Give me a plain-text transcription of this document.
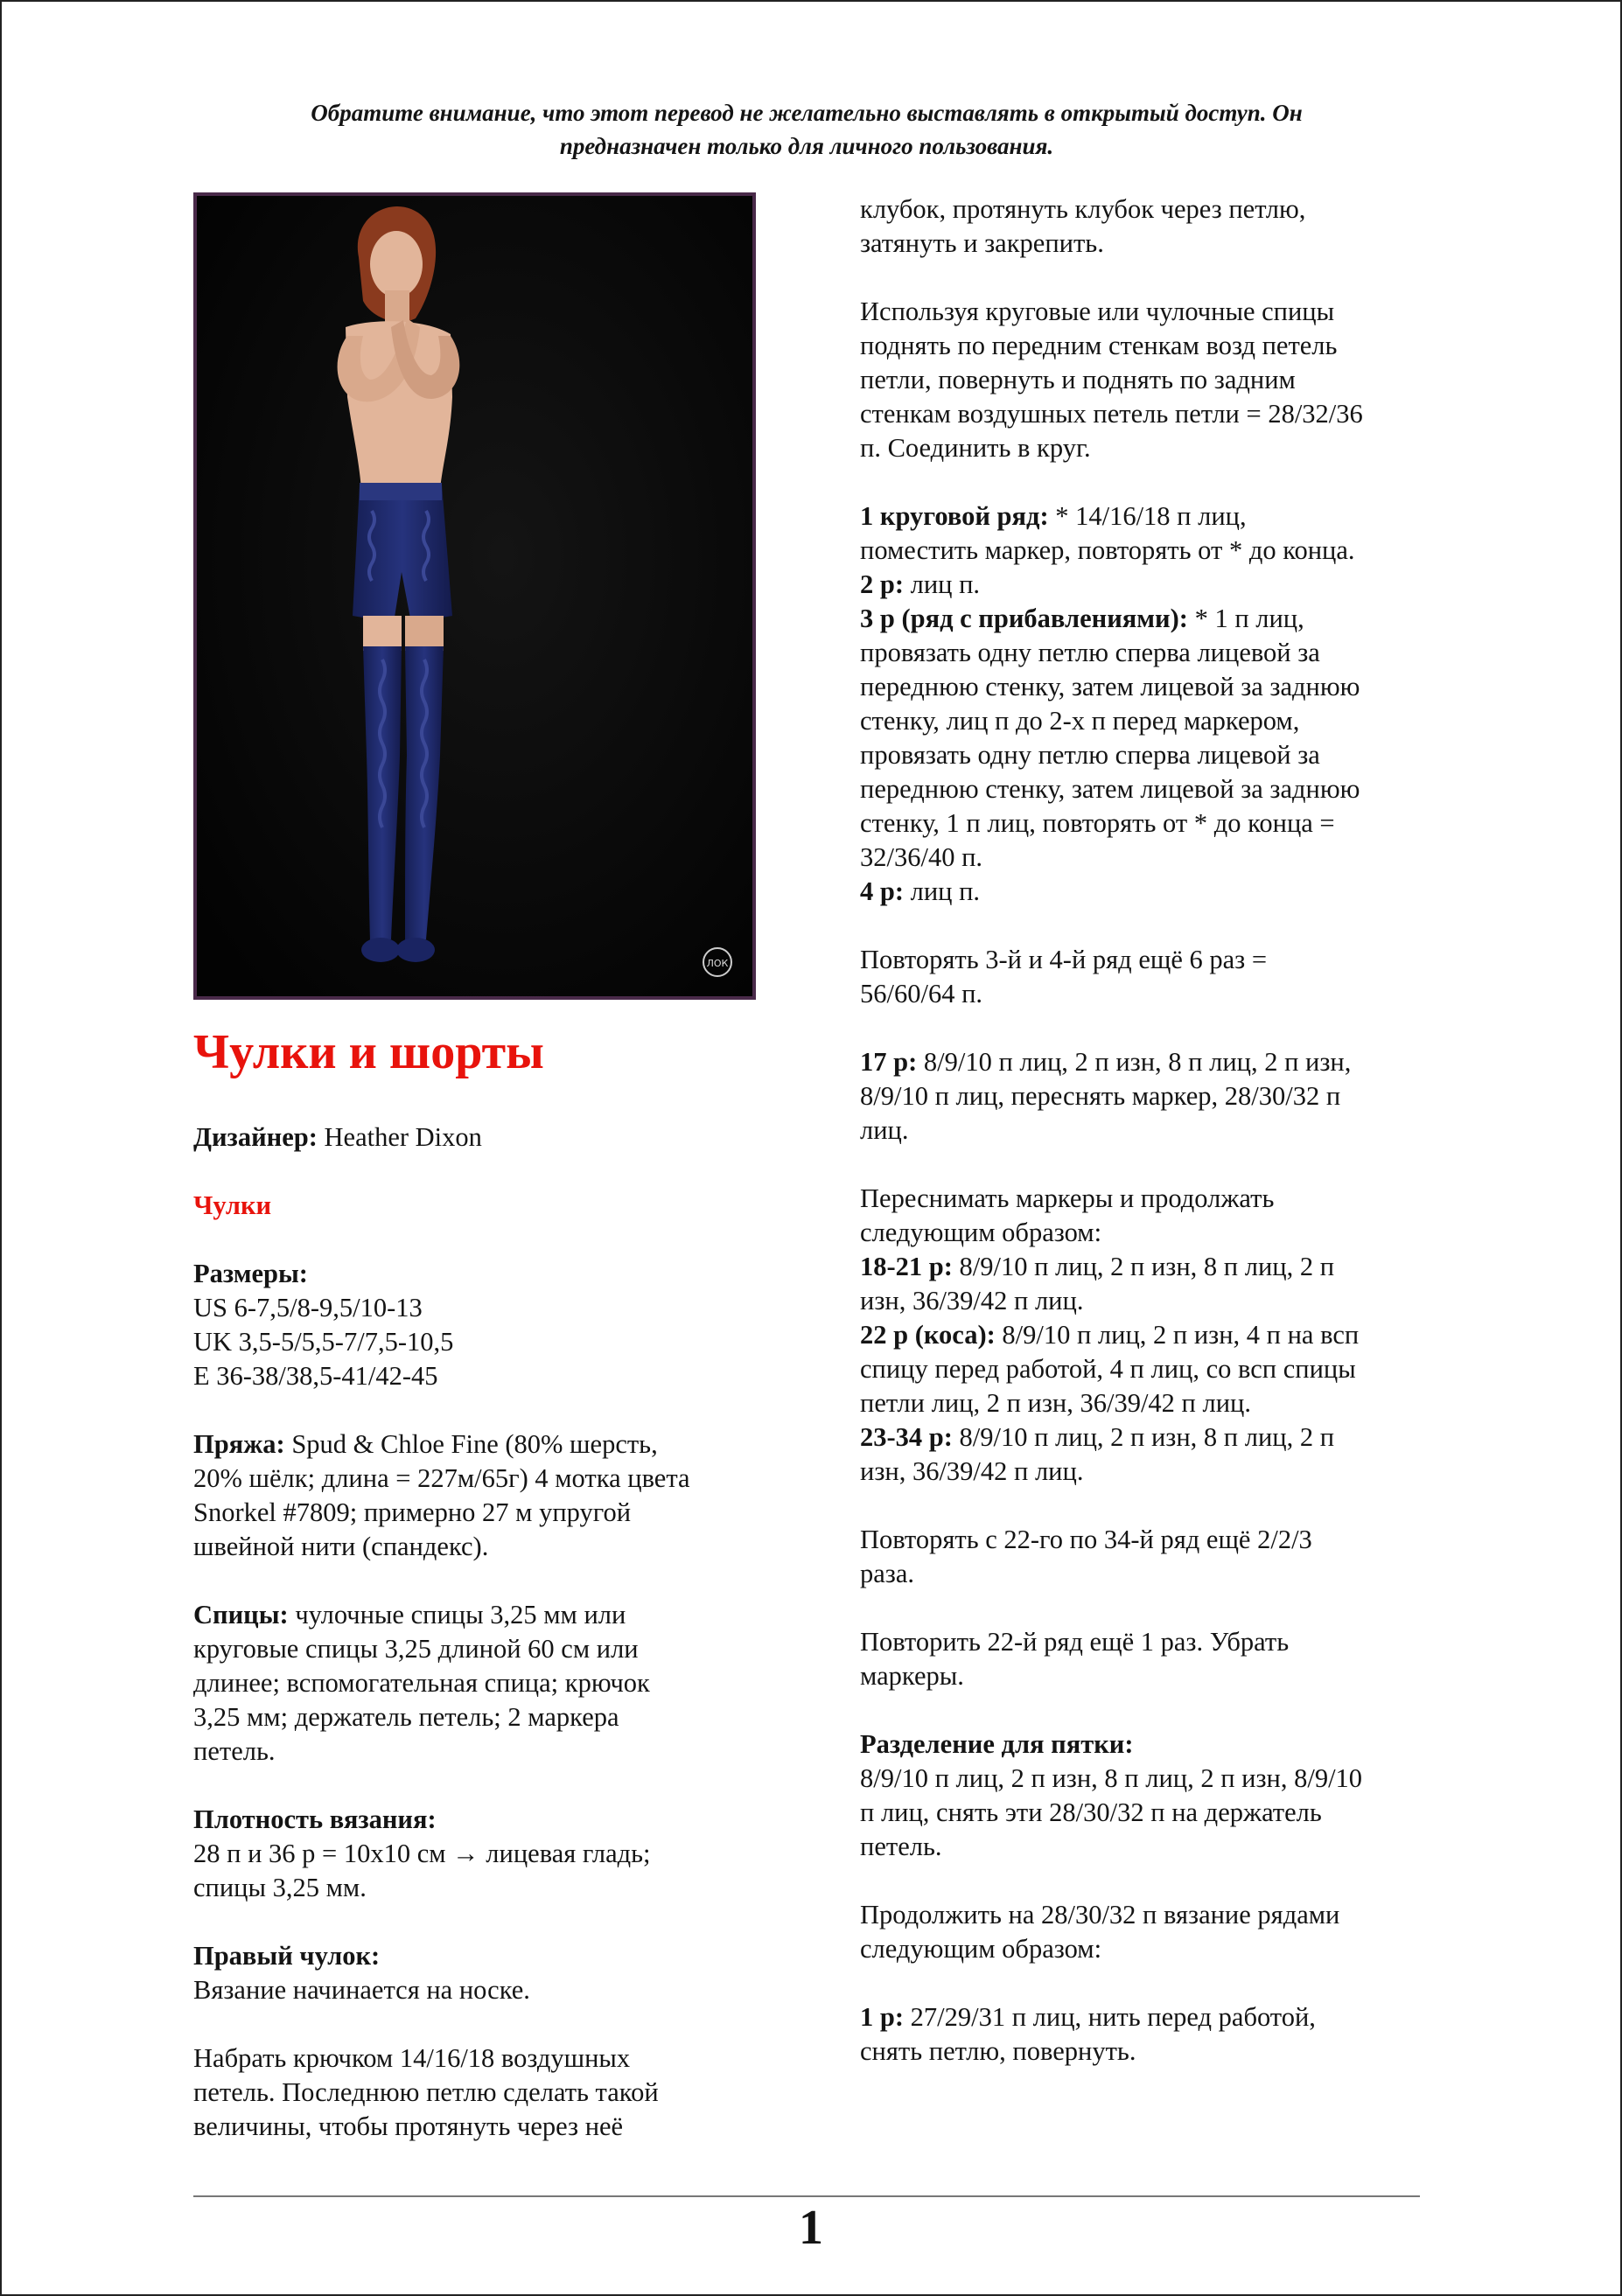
Обратите внимание, что этот перевод не желательно выставлять в открытый доступ. Он
предназначен только для личного пользования.
ЛОК
Чулки и шорты

Дизайнер: Heather Dixon

Чулки

Размеры:
US 6-7,5/8-9,5/10-13
UK 3,5-5/5,5-7/7,5-10,5
E 36-38/38,5-41/42-45

Пряжа: Spud & Chloe Fine (80% шерсть,
20% шёлк; длина = 227м/65г) 4 мотка цвета
Snorkel #7809; примерно 27 м упругой
швейной нити (спандекс).

Спицы: чулочные спицы 3,25 мм или
круговые спицы 3,25 длиной 60 см или
длинее; вспомогательная спица; крючок
3,25 мм; держатель петель; 2 маркера
петель.

Плотность вязания:
28 п и 36 р = 10х10 см → лицевая гладь;
спицы 3,25 мм.

Правый чулок:
Вязание начинается на носке.

Набрать крючком 14/16/18 воздушных
петель. Последнюю петлю сделать такой
величины, чтобы протянуть через неё

клубок, протянуть клубок через петлю,
затянуть и закрепить.

Используя круговые или чулочные спицы
поднять по передним стенкам возд петель
петли, повернуть и поднять по задним
стенкам воздушных петель петли = 28/32/36
п. Соединить в круг.

1 круговой ряд: * 14/16/18 п лиц,
поместить маркер, повторять от * до конца.
2 р: лиц п.
3 р (ряд с прибавлениями): * 1 п лиц,
провязать одну петлю сперва лицевой за
переднюю стенку, затем лицевой за заднюю
стенку, лиц п до 2-х п перед маркером,
провязать одну петлю сперва лицевой за
переднюю стенку, затем лицевой за заднюю
стенку, 1 п лиц, повторять от * до конца =
32/36/40 п.
4 р: лиц п.

Повторять 3-й и 4-й ряд ещё 6 раз =
56/60/64 п.

17 р: 8/9/10 п лиц, 2 п изн, 8 п лиц, 2 п изн,
8/9/10 п лиц, переснять маркер, 28/30/32 п
лиц.

Переснимать маркеры и продолжать
следующим образом:
18-21 р: 8/9/10 п лиц, 2 п изн, 8 п лиц, 2 п
изн, 36/39/42 п лиц.
22 р (коса): 8/9/10 п лиц, 2 п изн, 4 п на всп
спицу перед работой, 4 п лиц, со всп спицы
петли лиц, 2 п изн, 36/39/42 п лиц.
23-34 р: 8/9/10 п лиц, 2 п изн, 8 п лиц, 2 п
изн, 36/39/42 п лиц.

Повторять с 22-го по 34-й ряд ещё 2/2/3
раза.

Повторить 22-й ряд ещё 1 раз. Убрать
маркеры.

Разделение для пятки:
8/9/10 п лиц, 2 п изн, 8 п лиц, 2 п изн, 8/9/10
п лиц, снять эти 28/30/32 п на держатель
петель.

Продолжить на 28/30/32 п вязание рядами
следующим образом:

1 р: 27/29/31 п лиц, нить перед работой,
снять петлю, повернуть.

1
